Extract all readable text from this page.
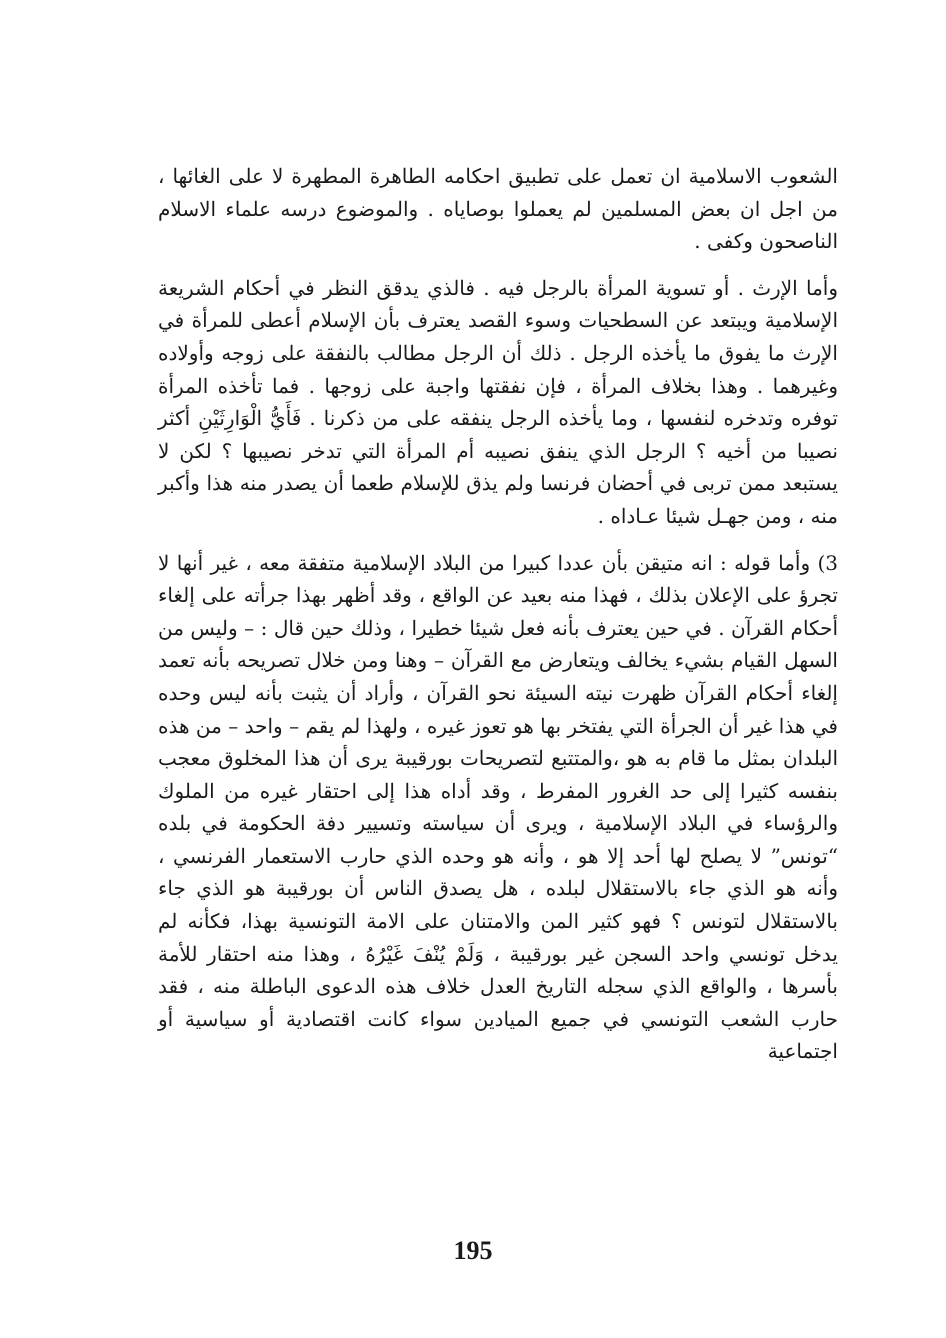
الشعوب الاسلامية ان تعمل على تطبيق احكامه الطاهرة المطهرة لا على الغائها ، من اجل ان بعض المسلمين لم يعملوا بوصاياه . والموضوع درسه علماء الاسلام الناصحون وكفى .

وأما الإرث . أو تسوية المرأة بالرجل فيه . فالذي يدقق النظر في أحكام الشريعة الإسلامية ويبتعد عن السطحيات وسوء القصد يعترف بأن الإسلام أعطى للمرأة في الإرث ما يفوق ما يأخذه الرجل . ذلك أن الرجل مطالب بالنفقة على زوجه وأولاده وغيرهما . وهذا بخلاف المرأة ، فإن نفقتها واجبة على زوجها . فما تأخذه المرأة توفره وتدخره لنفسها ، وما يأخذه الرجل ينفقه على من ذكرنا . فَأَيُّ الْوَارِثَيْنِ أكثر نصيبا من أخيه ؟ الرجل الذي ينفق نصيبه أم المرأة التي تدخر نصيبها ؟ لكن لا يستبعد ممن تربى في أحضان فرنسا ولم يذق للإسلام طعما أن يصدر منه هذا وأكبر منه ، ومن جهـل شيئا عـاداه .

3) وأما قوله : انه متيقن بأن عددا كبيرا من البلاد الإسلامية متفقة معه ، غير أنها لا تجرؤ على الإعلان بذلك ، فهذا منه بعيد عن الواقع ، وقد أظهر بهذا جرأته على إلغاء أحكام القرآن . في حين يعترف بأنه فعل شيئا خطيرا ، وذلك حين قال : – وليس من السهل القيام بشيء يخالف ويتعارض مع القرآن – وهنا ومن خلال تصريحه بأنه تعمد إلغاء أحكام القرآن ظهرت نيته السيئة نحو القرآن ، وأراد أن يثبت بأنه ليس وحده في هذا غير أن الجرأة التي يفتخر بها هو تعوز غيره ، ولهذا لم يقم – واحد – من هذه البلدان بمثل ما قام به هو ،والمتتبع لتصريحات بورقيبة يرى أن هذا المخلوق معجب بنفسه كثيرا إلى حد الغرور المفرط ، وقد أداه هذا إلى احتقار غيره من الملوك والرؤساء في البلاد الإسلامية ، ويرى أن سياسته وتسيير دفة الحكومة في بلده “تونس” لا يصلح لها أحد إلا هو ، وأنه هو وحده الذي حارب الاستعمار الفرنسي ، وأنه هو الذي جاء بالاستقلال لبلده ، هل يصدق الناس أن بورقيبة هو الذي جاء بالاستقلال لتونس ؟ فهو كثير المن والامتنان على الامة التونسية بهذا، فكأنه لم يدخل تونسي واحد السجن غير بورقيبة ، وَلَمْ يُنْفَ غَيْرُهُ ، وهذا منه احتقار للأمة بأسرها ، والواقع الذي سجله التاريخ العدل خلاف هذه الدعوى الباطلة منه ، فقد حارب الشعب التونسي في جميع الميادين سواء كانت اقتصادية أو سياسية أو اجتماعية

195
